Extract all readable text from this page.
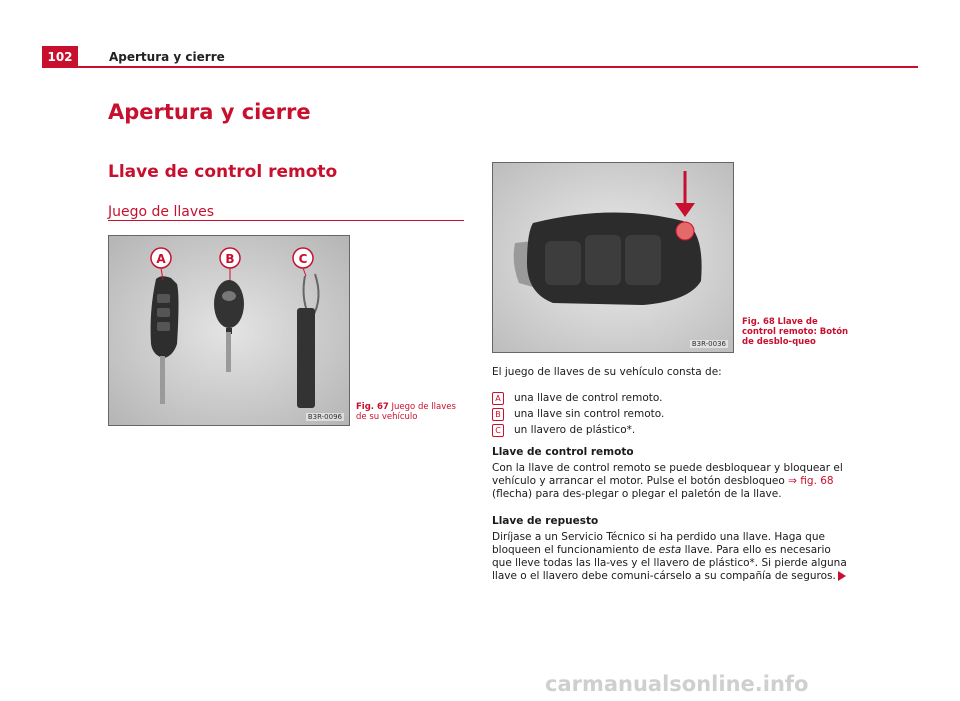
102	Apertura y cierre
Apertura y cierre
Llave de control remoto
Juego de llaves
A	B	C
B3R-0096
Fig. 67 Juego de llaves de su vehículo
B3R-0036
Fig. 68 Llave de control remoto: Botón de desblo-queo
El juego de llaves de su vehículo consta de:
A	una llave de control remoto.
B	una llave sin control remoto.
C	un llavero de plástico*.
Llave de control remoto
Con la llave de control remoto se puede desbloquear y bloquear el vehículo y arrancar el motor. Pulse el botón desbloqueo ⇒ fig. 68 (flecha) para des-plegar o plegar el paletón de la llave.
Llave de repuesto
Diríjase a un Servicio Técnico si ha perdido una llave. Haga que bloqueen el funcionamiento de esta llave. Para ello es necesario que lleve todas las lla-ves y el llavero de plástico*. Si pierde alguna llave o el llavero debe comuni-cárselo a su compañía de seguros.
carmanualsonline.info
